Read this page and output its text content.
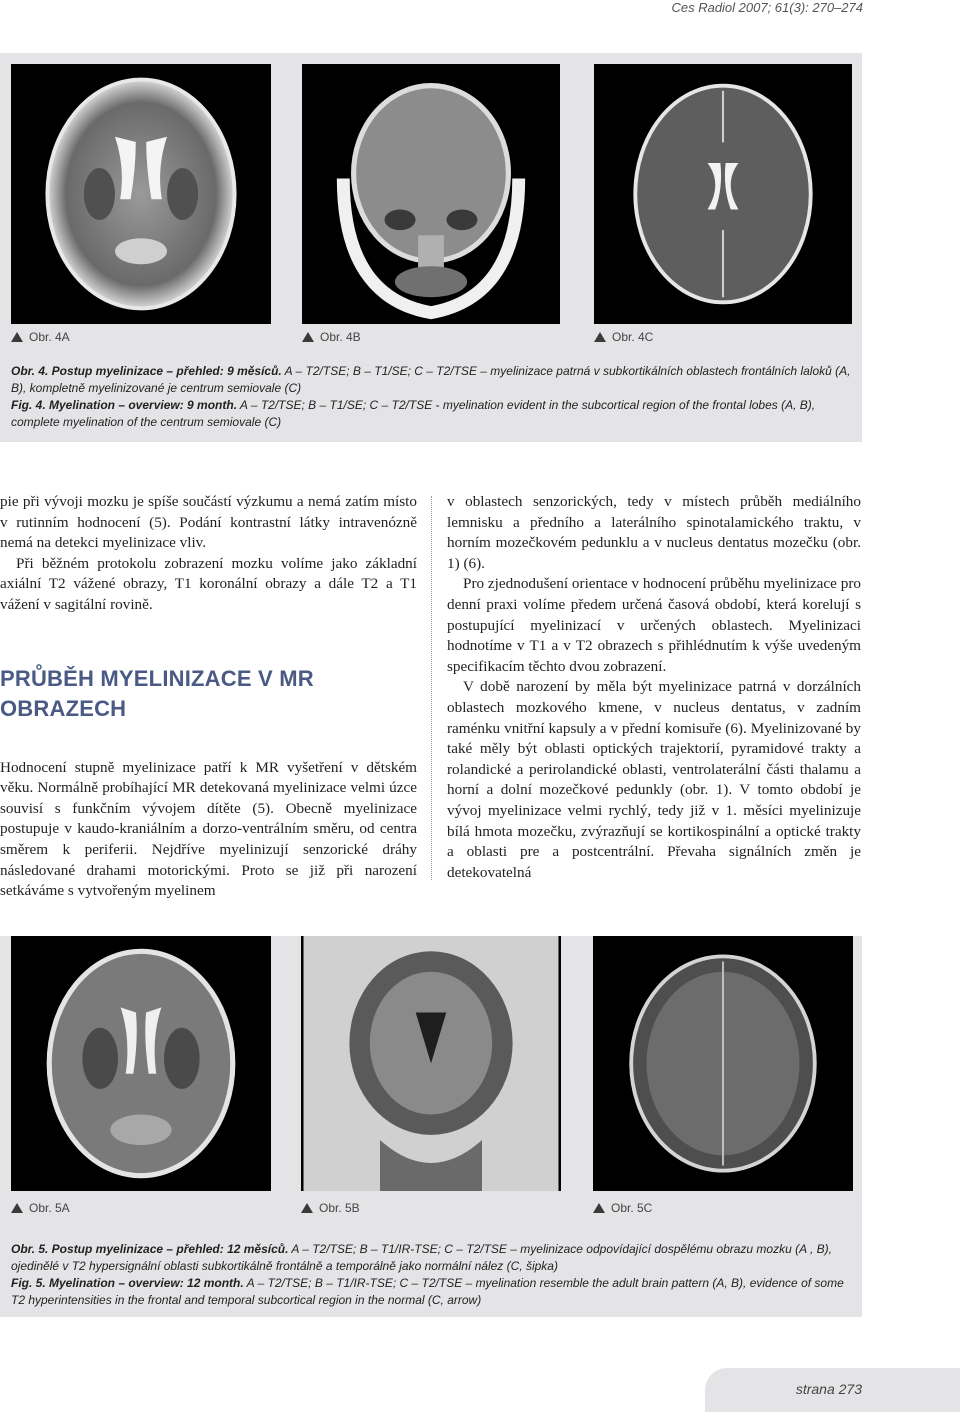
Ces Radiol 2007; 61(3): 270–274
Obr. 4A	Obr. 4B	Obr. 4C
Obr. 4. Postup myelinizace – přehled: 9 měsíců. A – T2/TSE; B – T1/SE; C – T2/TSE – myelinizace patrná v subkortikálních oblastech frontálních laloků (A, B), kompletně myelinizované je centrum semiovale (C)
Fig. 4. Myelination – overview: 9 month. A – T2/TSE; B – T1/SE; C – T2/TSE - myelination evident in the subcortical region of the frontal lobes (A, B), complete myelination of the centrum semiovale (C)

pie při vývoji mozku je spíše součástí výzkumu a nemá zatím místo v rutinním hodnocení (5). Podání kontrastní látky intravenózně nemá na detekci myelinizace vliv.

Při běžném protokolu zobrazení mozku volíme jako základní axiální T2 vážené obrazy, T1 koronální obrazy a dále T2 a T1 vážení v sagitální rovině.

PRŮBĚH MYELINIZACE V MR OBRAZECH

Hodnocení stupně myelinizace patří k MR vyšetření v dětském věku. Normálně probíhající MR detekovaná myelinizace velmi úzce souvisí s funkčním vývojem dítěte (5). Obecně myelinizace postupuje v kaudo-kraniálním a dorzo-ventrálním směru, od centra směrem k periferii. Nejdříve myelinizují senzorické dráhy následované drahami motorickými. Proto se již při narození setkáváme s vytvořeným myelinem

v oblastech senzorických, tedy v místech průběh mediálního lemnisku a předního a laterálního spinotalamického traktu, v horním mozečkovém pedunklu a v nucleus dentatus mozečku (obr. 1) (6).

Pro zjednodušení orientace v hodnocení průběhu myelinizace pro denní praxi volíme předem určená časová období, která korelují s postupující myelinizací v určených oblastech. Myelinizaci hodnotíme v T1 a v T2 obrazech s přihlédnutím k výše uvedeným specifikacím těchto dvou zobrazení.

V době narození by měla být myelinizace patrná v dorzálních oblastech mozkového kmene, v nucleus dentatus, v zadním raménku vnitřní kapsuly a v přední komisuře (6). Myelinizované by také měly být oblasti optických trajektorií, pyramidové trakty a rolandické a perirolandické oblasti, ventrolaterální části thalamu a horní a dolní mozečkové pedunkly (obr. 1). V tomto období je vývoj myelinizace velmi rychlý, tedy již v 1. měsíci myelinizuje bílá hmota mozečku, zvýrazňují se kortikospinální a optické trakty a oblasti pre a postcentrální. Převaha signálních změn je detekovatelná

Obr. 5A	Obr. 5B	Obr. 5C
Obr. 5. Postup myelinizace – přehled: 12 měsíců. A – T2/TSE; B – T1/IR-TSE; C – T2/TSE – myelinizace odpovídající dospělému obrazu mozku (A , B), ojedinělé v T2 hypersignální oblasti subkortikálně frontálně a temporálně jako normální nález (C, šipka)
Fig. 5. Myelination – overview: 12 month. A – T2/TSE; B – T1/IR-TSE; C – T2/TSE – myelination resemble the adult brain pattern (A, B), evidence of some T2 hyperintensities in the frontal and temporal subcortical region in the normal (C, arrow)
strana 273
